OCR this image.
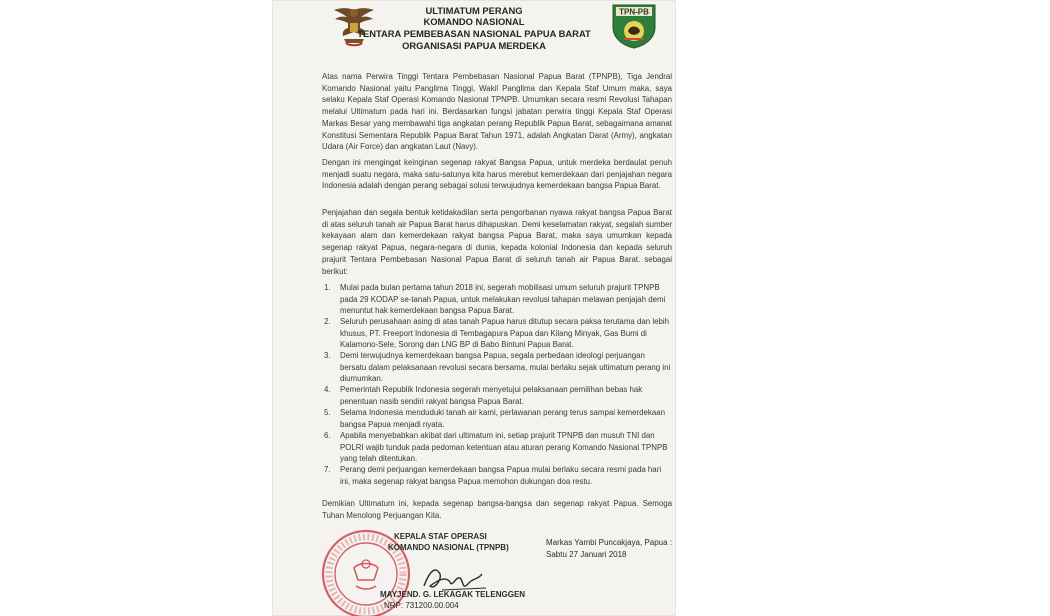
ULTIMATUM PERANG
KOMANDO NASIONAL
TENTARA PEMBEBASAN NASIONAL PAPUA BARAT
ORGANISASI PAPUA MERDEKA
TPN-PB

Atas nama Perwira Tinggi Tentara Pembebasan Nasional Papua Barat (TPNPB), Tiga Jendral Komando Nasional yaitu Panglima Tinggi, Wakil Panglima dan Kepala Staf Umum maka, saya selaku Kepala Staf Operasi Komando Nasional TPNPB. Umumkan secara resmi Revolusi Tahapan melalui Ultimatum pada hari ini. Berdasarkan fungsi jabatan perwira tinggi Kepala Staf Operasi Markas Besar yang membawahi tiga angkatan perang Republik Papua Barat, sebagaimana amanat Konstitusi Sementara Republik Papua Barat Tahun 1971, adalah Angkatan Darat (Army), angkatan Udara (Air Force) dan angkatan Laut (Navy).

Dengan ini mengingat keinginan segenap rakyat Bangsa Papua, untuk merdeka berdaulat penuh menjadi suatu negara, maka satu-satunya kita harus merebut kemerdekaan dari penjajahan negara Indonesia adalah dengan perang sebagai solusi terwujudnya kemerdekaan bangsa Papua Barat.

Penjajahan dan segala bentuk ketidakadilan serta pengorbanan nyawa rakyat bangsa Papua Barat di atas seluruh tanah air Papua Barat harus dihapuskan. Demi keselamatan rakyat, segalah sumber kekayaan alam dan kemerdekaan rakyat bangsa Papua Barat, maka saya umumkan kepada segenap rakyat Papua, negara-negara di dunia, kepada kolonial Indonesia dan kepada seluruh prajurit Tentara Pembebasan Nasional Papua Barat di seluruh tanah air Papua Barat. sebagai berikut:

1. Mulai pada bulan pertama tahun 2018 ini, segerah mobilisasi umum seluruh prajurit TPNPB pada 29 KODAP se-tanah Papua, untuk melakukan revolusi tahapan melawan penjajah demi menuntut hak kemerdekaan bangsa Papua Barat.

2. Seluruh perusahaan asing di atas tanah Papua harus ditutup secara paksa terutama dan lebih khusus, PT. Freeport Indonesia di Tembagapura Papua dan Kilang Minyak, Gas Bumi di Kalamono-Sele, Sorong dan LNG BP di Babo Bintuni Papua Barat.

3. Demi terwujudnya kemerdekaan bangsa Papua, segala perbedaan ideologi perjuangan bersatu dalam pelaksanaan revolusi secara bersama, mulai berlaku sejak ultimatum perang ini diumumkan.

4. Pemerintah Republik Indonesia segerah menyetujui pelaksanaan pemilihan bebas hak penentuan nasib sendiri rakyat bangsa Papua Barat.

5. Selama Indonesia menduduki tanah air kami, perlawanan perang terus sampai kemerdekaan bangsa Papua menjadi nyata.

6. Apabila menyebabkan akibat dari ultimatum ini, setiap prajurit TPNPB dan musuh TNI dan POLRI wajib tunduk pada pedoman ketentuan atau aturan perang Komando Nasional TPNPB yang telah ditentukan.

7. Perang demi perjuangan kemerdekaan bangsa Papua mulai berlaku secara resmi pada hari ini, maka segenap rakyat bangsa Papua memohon dukungan doa restu.

Demikian Ultimatum ini, kepada segenap bangsa-bangsa dan segenap rakyat Papua. Semoga Tuhan Menolong Perjuangan Kita.

KEPALA STAF OPERASI
KOMANDO NASIONAL (TPNPB)
MAYJEND. G. LEKAGAK TELENGGEN
NRP: 731200.00.004
Markas Yambi Puncakjaya, Papua :
Sabtu 27 Januari 2018
